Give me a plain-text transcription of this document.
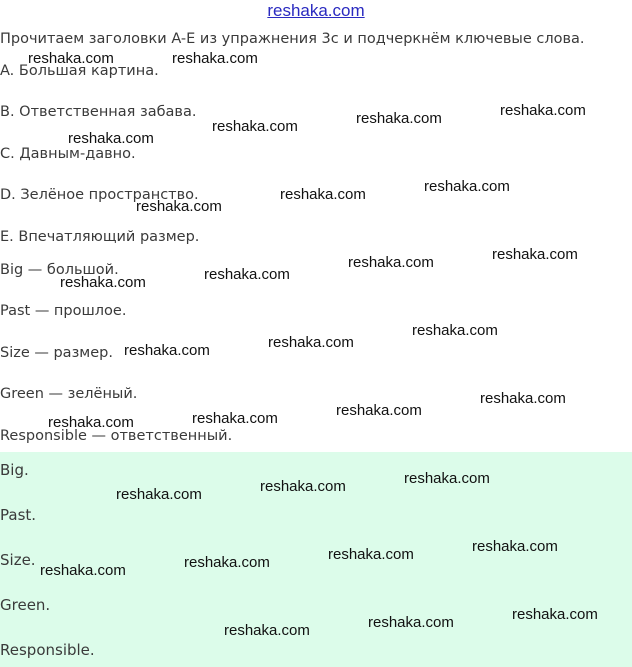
reshaka.com
Прочитаем заголовки A-E из упражнения 3c и подчеркнём ключевые слова.
A. Большая картина.
B. Ответственная забава.
C. Давным-давно.
D. Зелёное пространство.
E. Впечатляющий размер.
Big — большой.
Past — прошлое.
Size — размер.
Green — зелёный.
Responsible — ответственный.
Big.
Past.
Size.
Green.
Responsible.
reshaka.com	reshaka.com
reshaka.com
reshaka.com
reshaka.com
reshaka.com
reshaka.com
reshaka.com
reshaka.com
reshaka.com
reshaka.com
reshaka.com
reshaka.com
reshaka.com
reshaka.com
reshaka.com
reshaka.com
reshaka.com
reshaka.com
reshaka.com
reshaka.com
reshaka.com
reshaka.com
reshaka.com
reshaka.com
reshaka.com
reshaka.com
reshaka.com
reshaka.com
reshaka.com
